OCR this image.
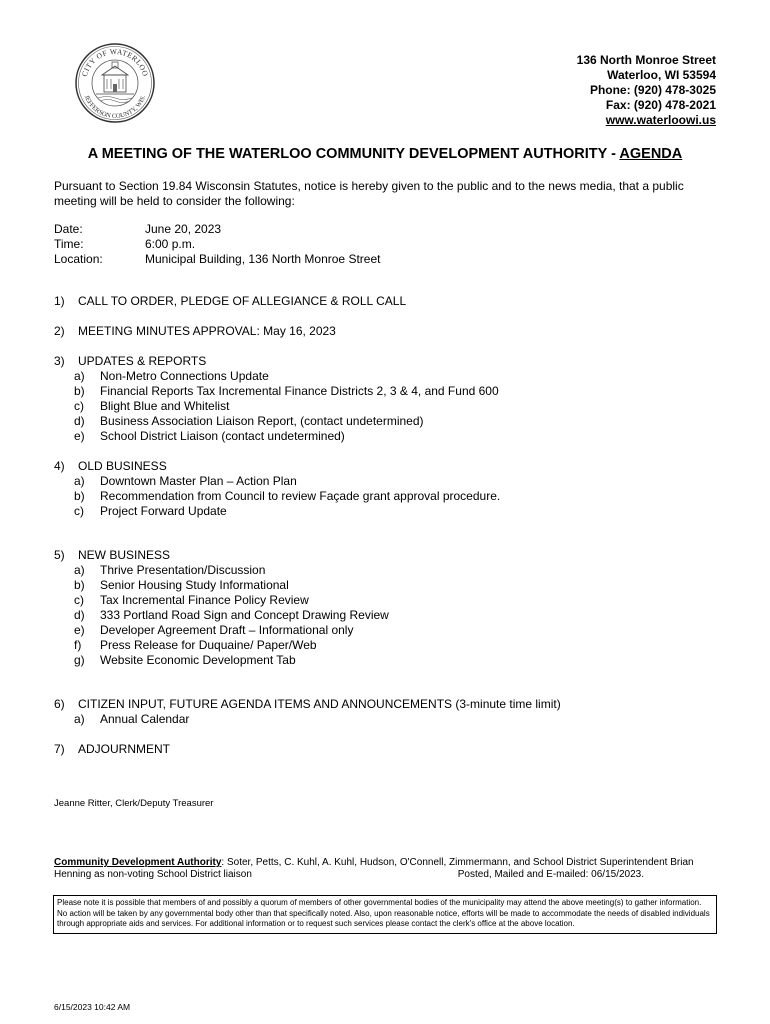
CITY OF WATERLOO
JEFFERSON COUNTY, WIS.
136 North Monroe Street
Waterloo, WI 53594
Phone: (920) 478-3025
Fax: (920) 478-2021
www.waterloowi.us
A MEETING OF THE WATERLOO COMMUNITY DEVELOPMENT AUTHORITY - AGENDA
Pursuant to Section 19.84 Wisconsin Statutes, notice is hereby given to the public and to the news media, that a public meeting will be held to consider the following:
Date:	June 20, 2023
Time:	6:00 p.m.
Location:	Municipal Building, 136 North Monroe Street
1)	CALL TO ORDER, PLEDGE OF ALLEGIANCE & ROLL CALL
2)	MEETING MINUTES APPROVAL: May 16, 2023
3)	UPDATES & REPORTS
a)	Non-Metro Connections Update
b)	Financial Reports Tax Incremental Finance Districts 2, 3 & 4, and Fund 600
c)	Blight Blue and Whitelist
d)	Business Association Liaison Report, (contact undetermined)
e)	School District Liaison (contact undetermined)
4)	OLD BUSINESS
a)	Downtown Master Plan – Action Plan
b)	Recommendation from Council to review Façade grant approval procedure.
c)	Project Forward Update
5)	NEW BUSINESS
a)	Thrive Presentation/Discussion
b)	Senior Housing Study Informational
c)	Tax Incremental Finance Policy Review
d)	333 Portland Road Sign and Concept Drawing Review
e)	Developer Agreement Draft – Informational only
f)	Press Release for Duquaine/ Paper/Web
g)	Website Economic Development Tab
6)	CITIZEN INPUT, FUTURE AGENDA ITEMS AND ANNOUNCEMENTS (3-minute time limit)
a)	Annual Calendar
7)	ADJOURNMENT
Jeanne Ritter, Clerk/Deputy Treasurer
Community Development Authority: Soter, Petts, C. Kuhl, A. Kuhl, Hudson, O'Connell, Zimmermann, and School District Superintendent Brian
Henning as non-voting School District liaison	Posted, Mailed and E-mailed: 06/15/2023.
Please note it is possible that members of and possibly a quorum of members of other governmental bodies of the municipality may attend the above meeting(s) to gather information. No action will be taken by any governmental body other than that specifically noted. Also, upon reasonable notice, efforts will be made to accommodate the needs of disabled individuals through appropriate aids and services. For additional information or to request such services please contact the clerk's office at the above location.
6/15/2023 10:42 AM
